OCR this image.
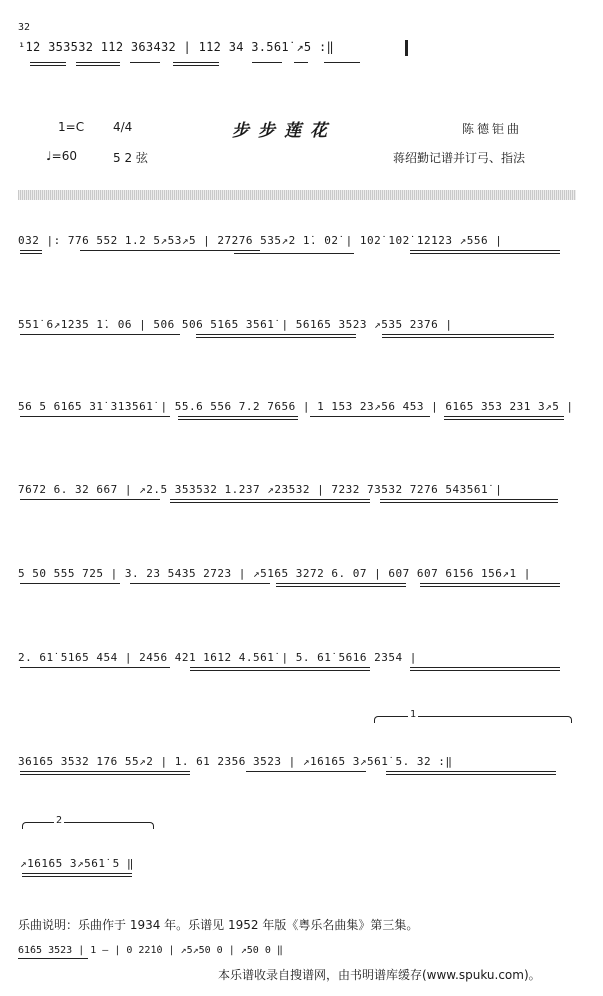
32
¹̇1̇2 353532 1̇1̇2 363432 | 1̇1̇2 34 3.561̇ ↗5 :‖
1=C 4/4	步步莲花	陈德钜曲
♩=60	5 2 弦	蒋绍勤记谱并订弓、指法
032 |: 776 552 1.2 5↗53↗5 | 27276 535↗2 1̇. 02̇ | 102̇ 102̇ 1̇2̇1̇23 ↗556 |
551̇ 6↗1̇2̇35 1̇. 06 | 506 506 51̇65 3561̇ | 561̇65 3523 ↗535 2376 |
56 5 61̇65 31̇ 31̇3561̇ | 55.6 556 7.2 7656 | 1 153 23↗56 453 | 61̇65 353 231 3↗5 |
7672 6. 32 667 | ↗2.5 353532 1.237 ↗23532 | 7232 73532 7276 543561̇ |
5 50 555 725 | 3. 23 5435 2723 | ↗51̇65 3272 6. 07 | 607 607 6156 156↗1 |
2. 61̇ 51̇65 454 | 2456 421 1612 4.561̇ | 5. 61̇ 5616 2354 |
361̇65 3532 176 55↗2 | 1. 61 2356 3523 | ↗161̇65 3↗561̇ 5. 32 :‖
1
2
↗161̇65 3↗561̇ 5 ‖
乐曲说明：乐曲作于 1934 年。乐谱见 1952 年版《粤乐名曲集》第三集。
61̇65 3523 | 1 – | 0 22̇1̇0 | ↗5↗50 0 | ↗50 0 ‖
本乐谱收录自搜谱网，由书明谱库缓存(www.spuku.com)。
